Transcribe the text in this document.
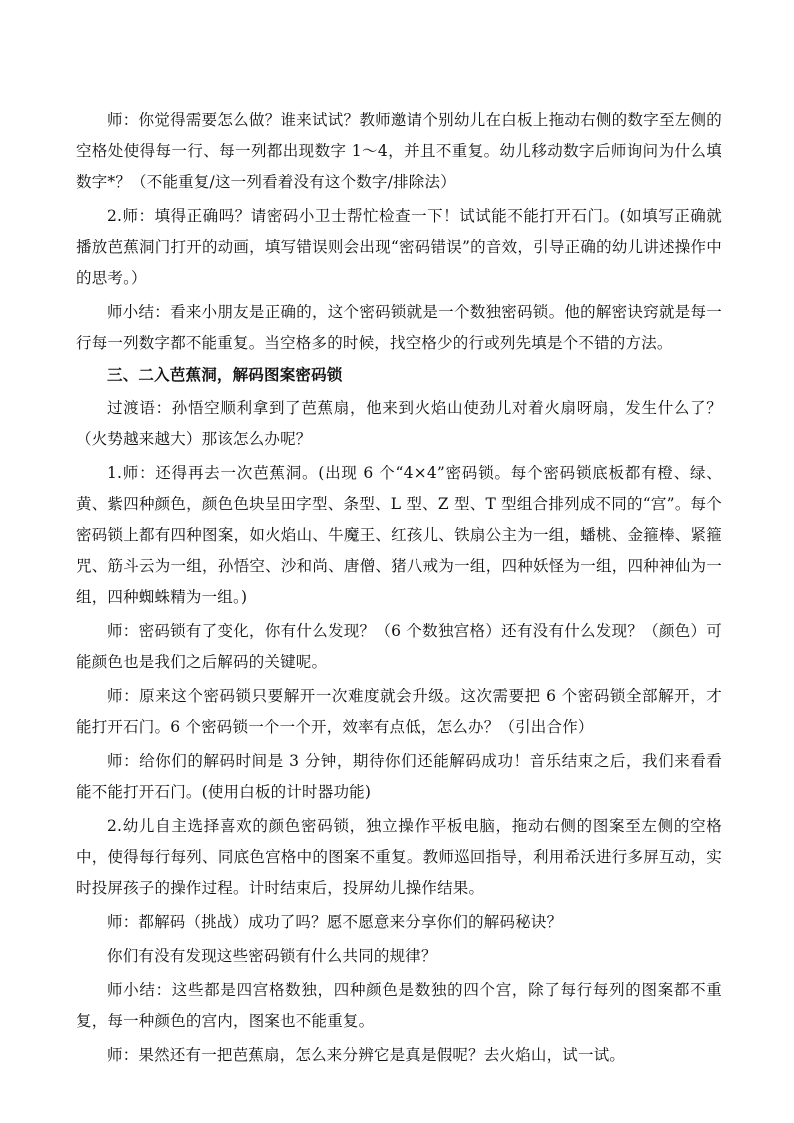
师：你觉得需要怎么做？谁来试试？教师邀请个别幼儿在白板上拖动右侧的数字至左侧的空格处使得每一行、每一列都出现数字 1～4，并且不重复。幼儿移动数字后师询问为什么填数字*？（不能重复/这一列看着没有这个数字/排除法）

2.师：填得正确吗？请密码小卫士帮忙检查一下！试试能不能打开石门。(如填写正确就播放芭蕉洞门打开的动画，填写错误则会出现“密码错误”的音效，引导正确的幼儿讲述操作中的思考。）

师小结：看来小朋友是正确的，这个密码锁就是一个数独密码锁。他的解密诀窍就是每一行每一列数字都不能重复。当空格多的时候，找空格少的行或列先填是个不错的方法。

三、二入芭蕉洞，解码图案密码锁

过渡语：孙悟空顺利拿到了芭蕉扇，他来到火焰山使劲儿对着火扇呀扇，发生什么了？（火势越来越大）那该怎么办呢？

1.师：还得再去一次芭蕉洞。(出现 6 个“4×4”密码锁。每个密码锁底板都有橙、绿、黄、紫四种颜色，颜色色块呈田字型、条型、L 型、Z 型、T 型组合排列成不同的“宫”。每个密码锁上都有四种图案，如火焰山、牛魔王、红孩儿、铁扇公主为一组，蟠桃、金箍棒、紧箍咒、筋斗云为一组，孙悟空、沙和尚、唐僧、猪八戒为一组，四种妖怪为一组，四种神仙为一组，四种蜘蛛精为一组。)

师：密码锁有了变化，你有什么发现？（6 个数独宫格）还有没有什么发现？（颜色）可能颜色也是我们之后解码的关键呢。

师：原来这个密码锁只要解开一次难度就会升级。这次需要把 6 个密码锁全部解开，才能打开石门。6 个密码锁一个一个开，效率有点低，怎么办？（引出合作）

师：给你们的解码时间是 3 分钟，期待你们还能解码成功！音乐结束之后，我们来看看能不能打开石门。(使用白板的计时器功能)

2.幼儿自主选择喜欢的颜色密码锁，独立操作平板电脑，拖动右侧的图案至左侧的空格中，使得每行每列、同底色宫格中的图案不重复。教师巡回指导，利用希沃进行多屏互动，实时投屏孩子的操作过程。计时结束后，投屏幼儿操作结果。

师：都解码（挑战）成功了吗？愿不愿意来分享你们的解码秘诀？

你们有没有发现这些密码锁有什么共同的规律？

师小结：这些都是四宫格数独，四种颜色是数独的四个宫，除了每行每列的图案都不重复，每一种颜色的宫内，图案也不能重复。

师：果然还有一把芭蕉扇，怎么来分辨它是真是假呢？去火焰山，试一试。
